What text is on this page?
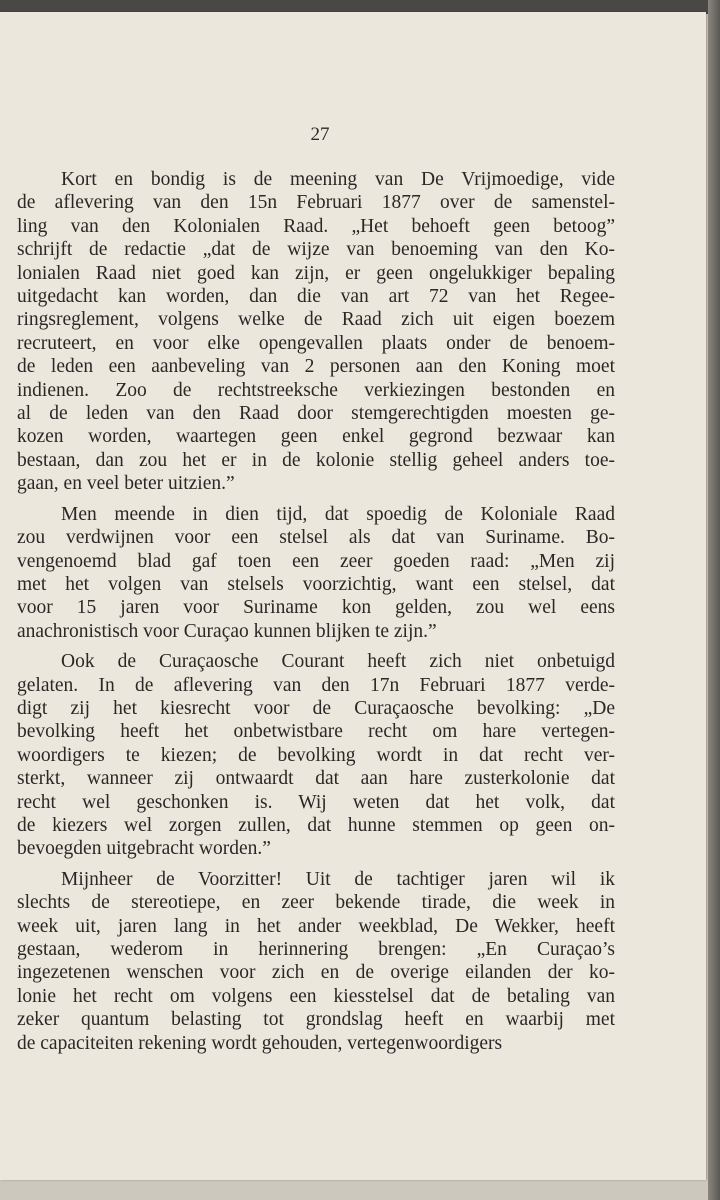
27
Kort en bondig is de meening van De Vrijmoedige, vide
de aflevering van den 15n Februari 1877 over de samenstel-
ling van den Kolonialen Raad. „Het behoeft geen betoog”
schrijft de redactie „dat de wijze van benoeming van den Ko-
lonialen Raad niet goed kan zijn, er geen ongelukkiger bepaling
uitgedacht kan worden, dan die van art 72 van het Regee-
ringsreglement, volgens welke de Raad zich uit eigen boezem
recruteert, en voor elke opengevallen plaats onder de benoem-
de leden een aanbeveling van 2 personen aan den Koning moet
indienen. Zoo de rechtstreeksche verkiezingen bestonden en
al de leden van den Raad door stemgerechtigden moesten ge-
kozen worden, waartegen geen enkel gegrond bezwaar kan
bestaan, dan zou het er in de kolonie stellig geheel anders toe-
gaan, en veel beter uitzien.”
Men meende in dien tijd, dat spoedig de Koloniale Raad
zou verdwijnen voor een stelsel als dat van Suriname. Bo-
vengenoemd blad gaf toen een zeer goeden raad: „Men zij
met het volgen van stelsels voorzichtig, want een stelsel, dat
voor 15 jaren voor Suriname kon gelden, zou wel eens
anachronistisch voor Curaçao kunnen blijken te zijn.”
Ook de Curaçaosche Courant heeft zich niet onbetuigd
gelaten. In de aflevering van den 17n Februari 1877 verde-
digt zij het kiesrecht voor de Curaçaosche bevolking: „De
bevolking heeft het onbetwistbare recht om hare vertegen-
woordigers te kiezen; de bevolking wordt in dat recht ver-
sterkt, wanneer zij ontwaardt dat aan hare zusterkolonie dat
recht wel geschonken is. Wij weten dat het volk, dat
de kiezers wel zorgen zullen, dat hunne stemmen op geen on-
bevoegden uitgebracht worden.”
Mijnheer de Voorzitter! Uit de tachtiger jaren wil ik
slechts de stereotiepe, en zeer bekende tirade, die week in
week uit, jaren lang in het ander weekblad, De Wekker, heeft
gestaan, wederom in herinnering brengen: „En Curaçao’s
ingezetenen wenschen voor zich en de overige eilanden der ko-
lonie het recht om volgens een kiesstelsel dat de betaling van
zeker quantum belasting tot grondslag heeft en waarbij met
de capaciteiten rekening wordt gehouden, vertegenwoordigers
